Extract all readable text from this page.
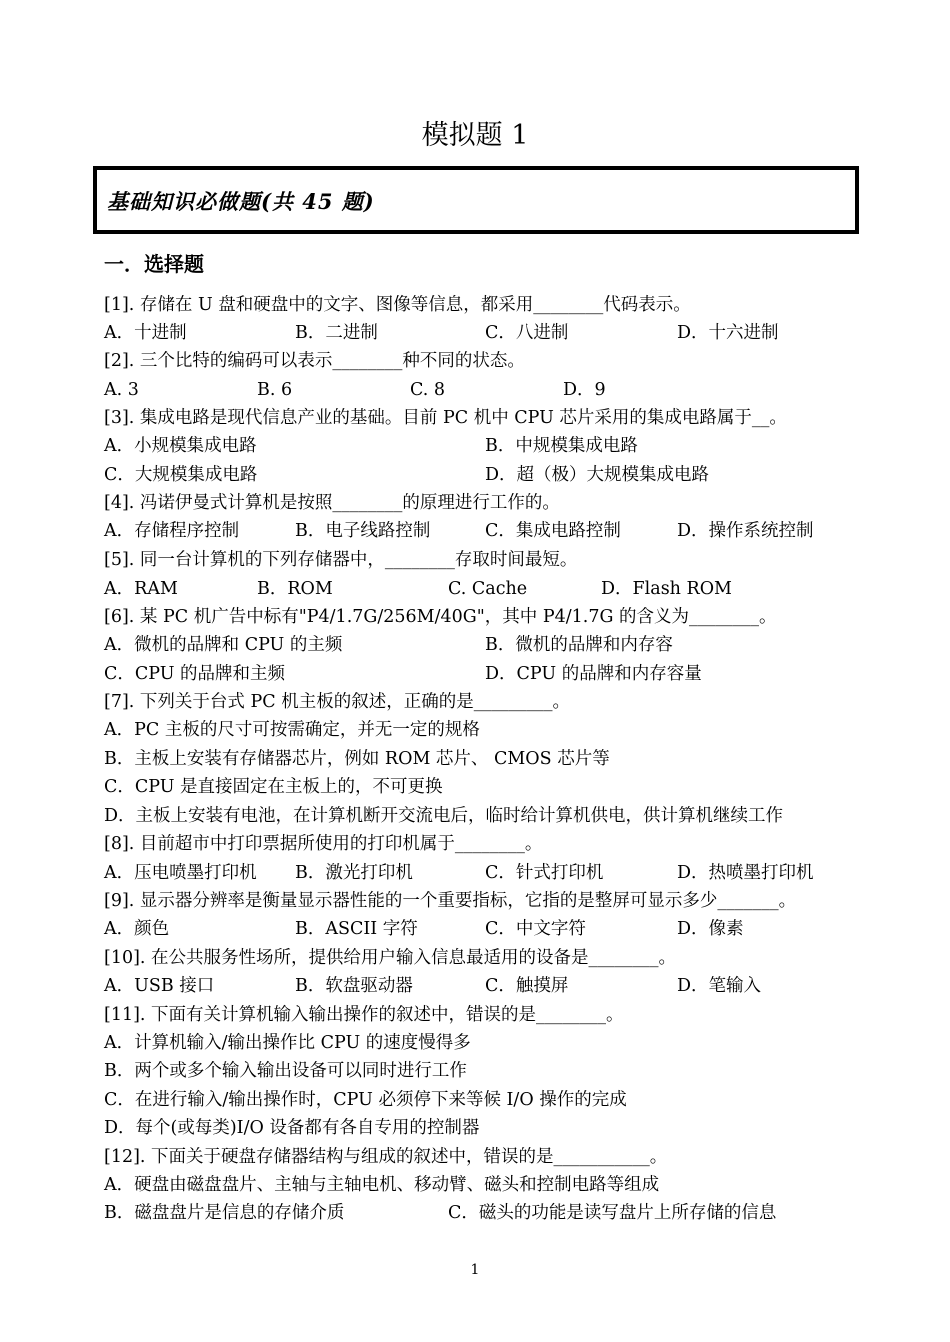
模拟题 1
基础知识必做题(共 45 题)
一．选择题
[1]. 存储在 U 盘和硬盘中的文字、图像等信息，都采用________代码表示。
A．十进制	B．二进制	C．八进制	D．十六进制
[2]. 三个比特的编码可以表示________种不同的状态。
A. 3	B. 6	C. 8	D．9
[3]. 集成电路是现代信息产业的基础。目前 PC 机中 CPU 芯片采用的集成电路属于__。
A．小规模集成电路	B．中规模集成电路
C．大规模集成电路	D．超（极）大规模集成电路
[4]. 冯诺伊曼式计算机是按照________的原理进行工作的。
A．存储程序控制	B．电子线路控制	C．集成电路控制	D．操作系统控制
[5]. 同一台计算机的下列存储器中，________存取时间最短。
A．RAM	B．ROM	C. Cache	D．Flash ROM
[6]. 某 PC 机广告中标有"P4/1.7G/256M/40G"，其中 P4/1.7G 的含义为________。
A．微机的品牌和 CPU 的主频	B．微机的品牌和内存容
C．CPU 的品牌和主频	D．CPU 的品牌和内存容量
[7]. 下列关于台式 PC 机主板的叙述，正确的是_________。
A．PC 主板的尺寸可按需确定，并无一定的规格
B．主板上安装有存储器芯片，例如 ROM 芯片、 CMOS 芯片等
C．CPU 是直接固定在主板上的，不可更换
D．主板上安装有电池，在计算机断开交流电后，临时给计算机供电，供计算机继续工作
[8]. 目前超市中打印票据所使用的打印机属于________。
A．压电喷墨打印机 B．激光打印机	C．针式打印机	D．热喷墨打印机
[9]. 显示器分辨率是衡量显示器性能的一个重要指标，它指的是整屏可显示多少_______。
A．颜色	B．ASCII 字符	C．中文字符	D．像素
[10]. 在公共服务性场所，提供给用户输入信息最适用的设备是________。
A．USB 接口	B．软盘驱动器	C．触摸屏	D．笔输入
[11]. 下面有关计算机输入输出操作的叙述中，错误的是________。
A．计算机输入/输出操作比 CPU 的速度慢得多
B．两个或多个输入输出设备可以同时进行工作
C．在进行输入/输出操作时，CPU 必须停下来等候 I/O 操作的完成
D．每个(或每类)I/O 设备都有各自专用的控制器
[12]. 下面关于硬盘存储器结构与组成的叙述中，错误的是___________。
A．硬盘由磁盘盘片、主轴与主轴电机、移动臂、磁头和控制电路等组成
B．磁盘盘片是信息的存储介质	C．磁头的功能是读写盘片上所存储的信息
1
